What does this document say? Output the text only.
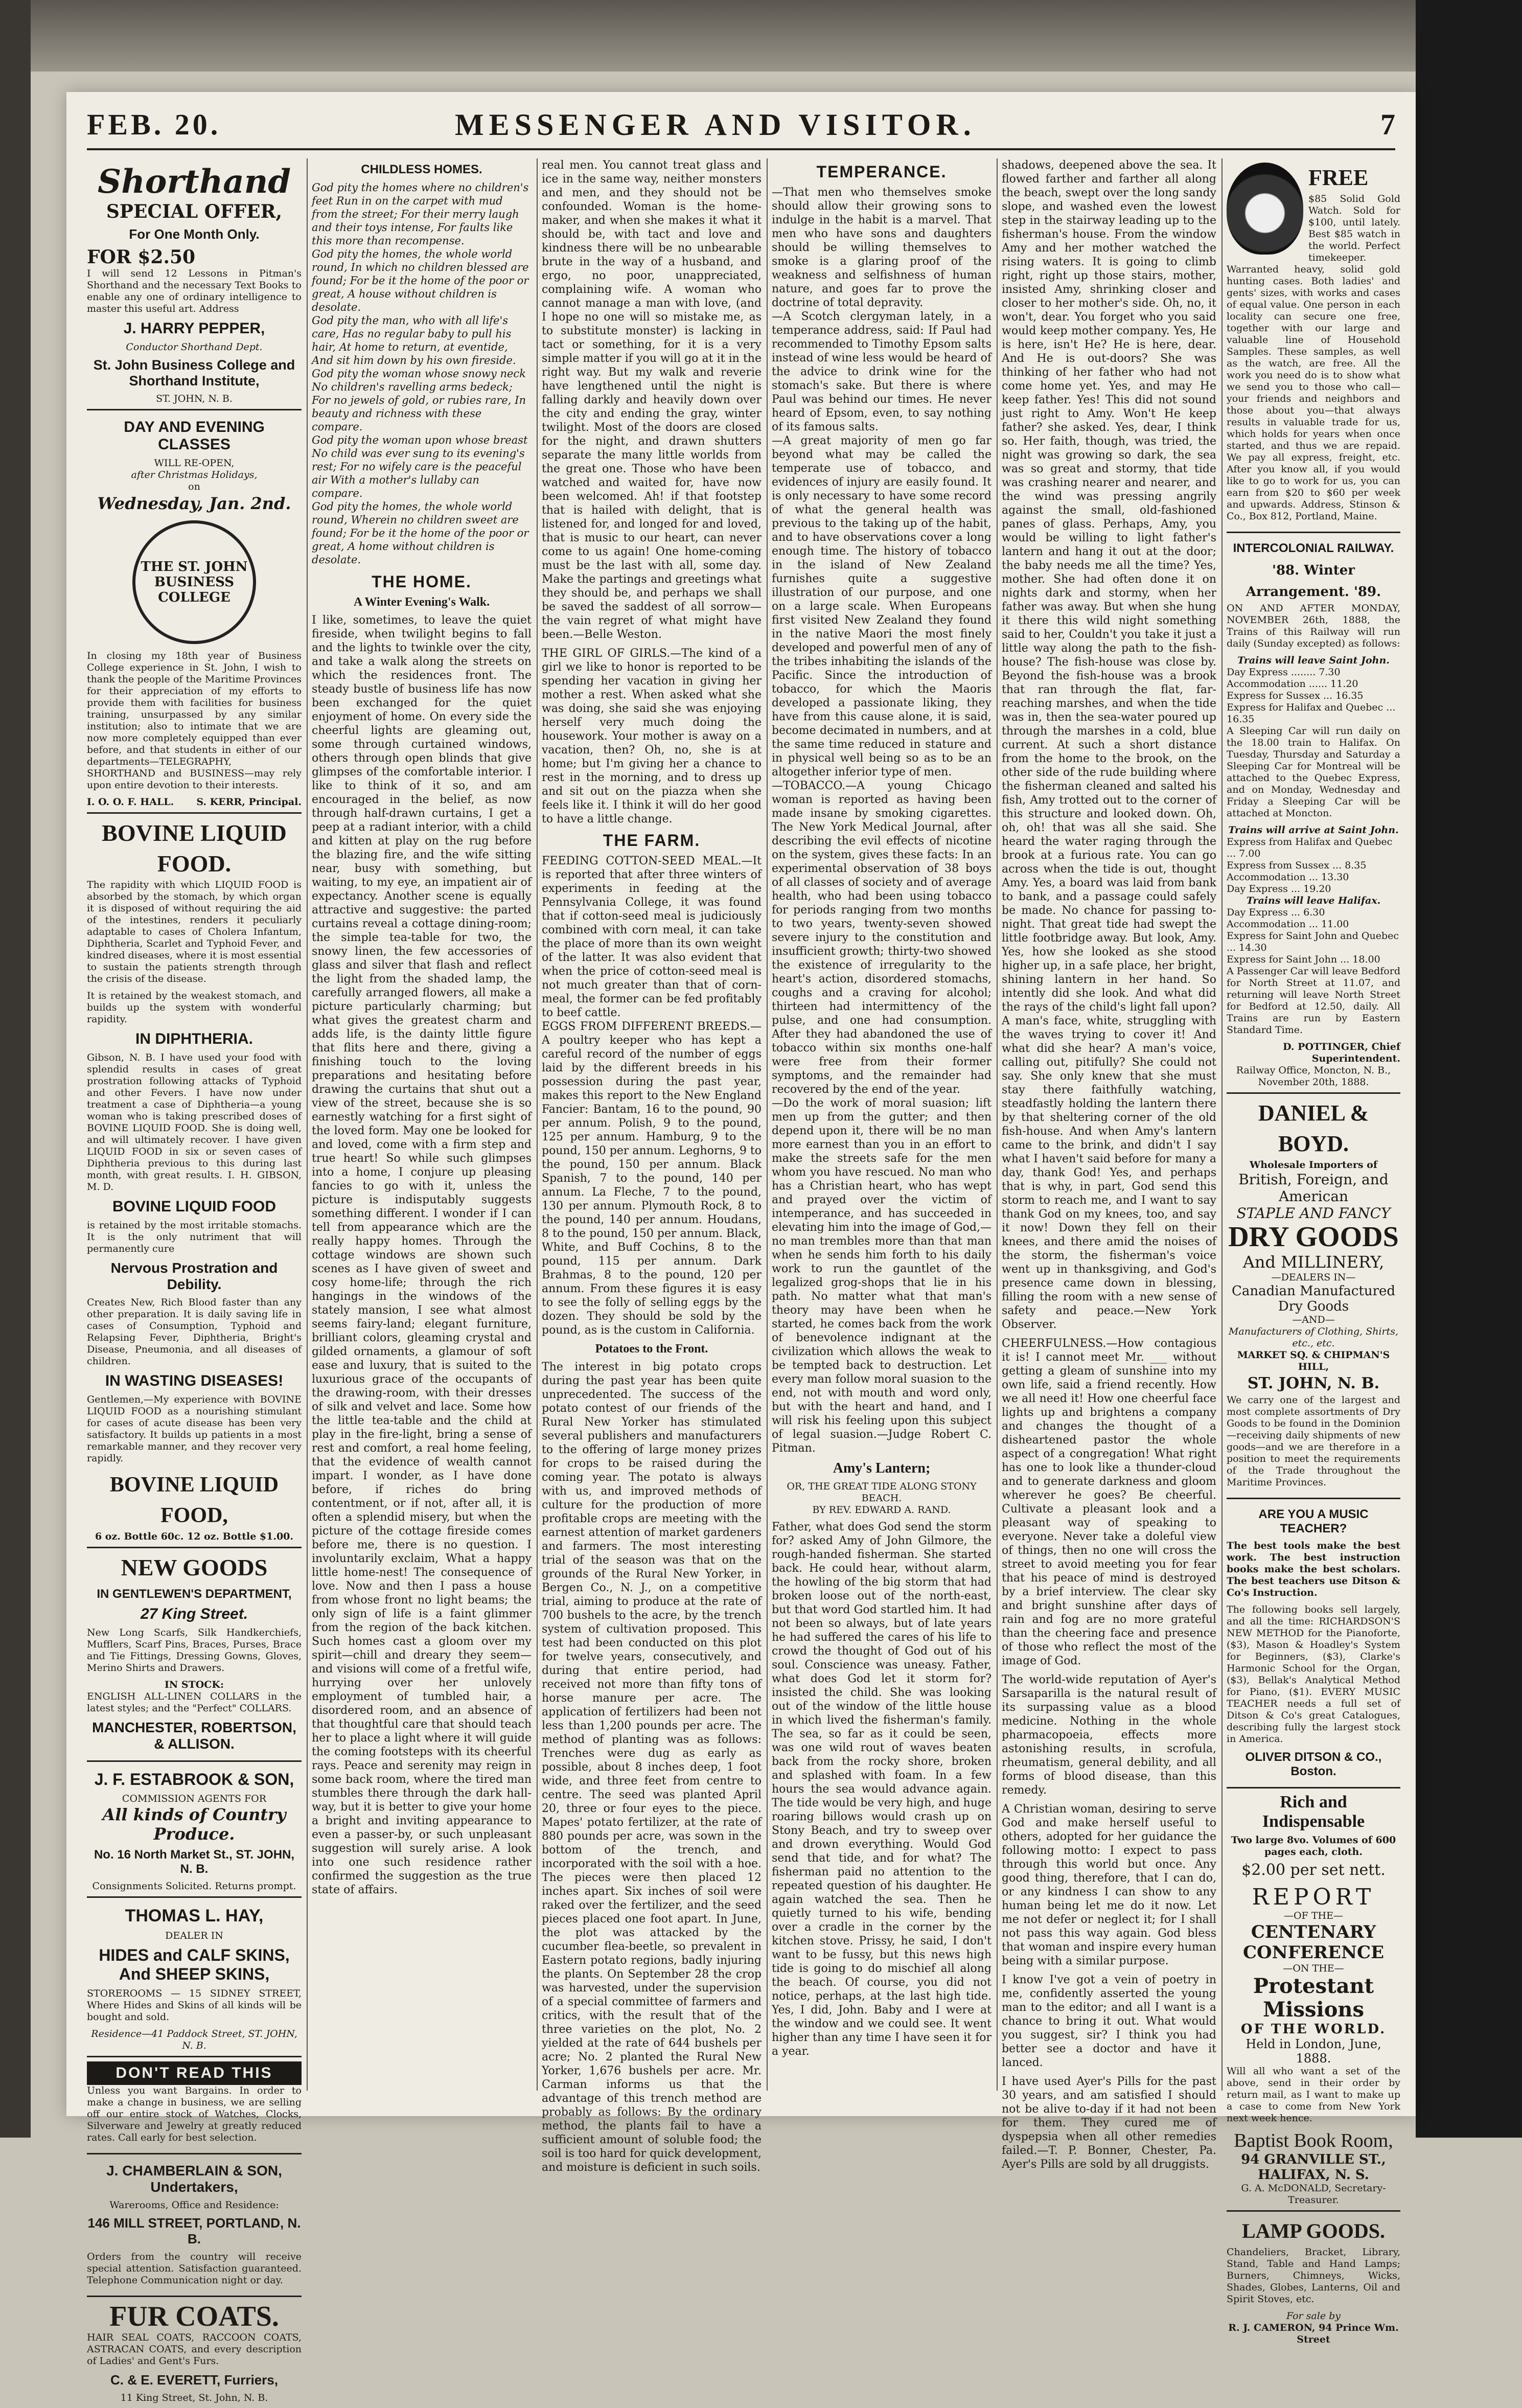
FEB. 20.	MESSENGER AND VISITOR.	7
Shorthand
SPECIAL OFFER,
For One Month Only.
FOR $2.50

I will send 12 Lessons in Pitman's Shorthand and the necessary Text Books to enable any one of ordinary intelligence to master this useful art. Address

J. HARRY PEPPER,
Conductor Shorthand Dept.
St. John Business College and Shorthand Institute,
ST. JOHN, N. B.
DAY AND EVENING CLASSES
WILL RE-OPEN,
after Christmas Holidays,
on
Wednesday, Jan. 2nd.
THE ST. JOHN BUSINESS COLLEGE

In closing my 18th year of Business College experience in St. John, I wish to thank the people of the Maritime Provinces for their appreciation of my efforts to provide them with facilities for business training, unsurpassed by any similar institution; also to intimate that we are now more completely equipped than ever before, and that students in either of our departments—TELEGRAPHY, SHORTHAND and BUSINESS—may rely upon entire devotion to their interests.

I. O. O. F. HALL. S. KERR, Principal.
BOVINE LIQUID FOOD.

The rapidity with which LIQUID FOOD is absorbed by the stomach, by which organ it is disposed of without requiring the aid of the intestines, renders it peculiarly adaptable to cases of Cholera Infantum, Diphtheria, Scarlet and Typhoid Fever, and kindred diseases, where it is most essential to sustain the patients strength through the crisis of the disease.

It is retained by the weakest stomach, and builds up the system with wonderful rapidity.

IN DIPHTHERIA.

Gibson, N. B. I have used your food with splendid results in cases of great prostration following attacks of Typhoid and other Fevers. I have now under treatment a case of Diphtheria—a young woman who is taking prescribed doses of BOVINE LIQUID FOOD. She is doing well, and will ultimately recover. I have given LIQUID FOOD in six or seven cases of Diphtheria previous to this during last month, with great results. I. H. GIBSON, M. D.

BOVINE LIQUID FOOD

is retained by the most irritable stomachs. It is the only nutriment that will permanently cure

Nervous Prostration and Debility.

Creates New, Rich Blood faster than any other preparation. It is daily saving life in cases of Consumption, Typhoid and Relapsing Fever, Diphtheria, Bright's Disease, Pneumonia, and all diseases of children.

IN WASTING DISEASES!

Gentlemen,—My experience with BOVINE LIQUID FOOD as a nourishing stimulant for cases of acute disease has been very satisfactory. It builds up patients in a most remarkable manner, and they recover very rapidly.

BOVINE LIQUID FOOD,
6 oz. Bottle 60c. 12 oz. Bottle $1.00.
NEW GOODS
IN GENTLEWEN'S DEPARTMENT,
27 King Street.

New Long Scarfs, Silk Handkerchiefs, Mufflers, Scarf Pins, Braces, Purses, Brace and Tie Fittings, Dressing Gowns, Gloves, Merino Shirts and Drawers.

IN STOCK:

ENGLISH ALL-LINEN COLLARS in the latest styles; and the "Perfect" COLLARS.

MANCHESTER, ROBERTSON, & ALLISON.
J. F. ESTABROOK & SON,
COMMISSION AGENTS FOR
All kinds of Country Produce.
No. 16 North Market St., ST. JOHN, N. B.
Consignments Solicited. Returns prompt.
THOMAS L. HAY,
DEALER IN
HIDES and CALF SKINS, And SHEEP SKINS,

STOREROOMS — 15 SIDNEY STREET, Where Hides and Skins of all kinds will be bought and sold.

Residence—41 Paddock Street, ST. JOHN, N. B.
DON'T READ THIS

Unless you want Bargains. In order to make a change in business, we are selling off our entire stock of Watches, Clocks, Silverware and Jewelry at greatly reduced rates. Call early for best selection.

J. CHAMBERLAIN & SON, Undertakers,
Warerooms, Office and Residence:
146 MILL STREET, PORTLAND, N. B.

Orders from the country will receive special attention. Satisfaction guaranteed. Telephone Communication night or day.

FUR COATS.

HAIR SEAL COATS, RACCOON COATS, ASTRACAN COATS, and every description of Ladies' and Gent's Furs.

C. & E. EVERETT, Furriers,
11 King Street, St. John, N. B.
CHILDLESS HOMES.

God pity the homes where no children's feet Run in on the carpet with mud from the street; For their merry laugh and their toys intense, For faults like this more than recompense.
God pity the homes, the whole world round, In which no children blessed are found; For be it the home of the poor or great, A house without children is desolate.
God pity the man, who with all life's care, Has no regular baby to pull his hair, At home to return, at eventide, And sit him down by his own fireside.
God pity the woman whose snowy neck No children's ravelling arms bedeck; For no jewels of gold, or rubies rare, In beauty and richness with these compare.
God pity the woman upon whose breast No child was ever sung to its evening's rest; For no wifely care is the peaceful air With a mother's lullaby can compare.
God pity the homes, the whole world round, Wherein no children sweet are found; For be it the home of the poor or great, A home without children is desolate.

THE HOME.
A Winter Evening's Walk.

I like, sometimes, to leave the quiet fireside, when twilight begins to fall and the lights to twinkle over the city, and take a walk along the streets on which the residences front. The steady bustle of business life has now been exchanged for the quiet enjoyment of home. On every side the cheerful lights are gleaming out, some through curtained windows, others through open blinds that give glimpses of the comfortable interior. I like to think of it so, and am encouraged in the belief, as now through half-drawn curtains, I get a peep at a radiant interior, with a child and kitten at play on the rug before the blazing fire, and the wife sitting near, busy with something, but waiting, to my eye, an impatient air of expectancy. Another scene is equally attractive and suggestive: the parted curtains reveal a cottage dining-room; the simple tea-table for two, the snowy linen, the few accessories of glass and silver that flash and reflect the light from the shaded lamp, the carefully arranged flowers, all make a picture particularly charming; but what gives the greatest charm and adds life, is the dainty little figure that flits here and there, giving a finishing touch to the loving preparations and hesitating before drawing the curtains that shut out a view of the street, because she is so earnestly watching for a first sight of the loved form. May one be looked for and loved, come with a firm step and true heart! So while such glimpses into a home, I conjure up pleasing fancies to go with it, unless the picture is indisputably suggests something different. I wonder if I can tell from appearance which are the really happy homes. Through the cottage windows are shown such scenes as I have given of sweet and cosy home-life; through the rich hangings in the windows of the stately mansion, I see what almost seems fairy-land; elegant furniture, brilliant colors, gleaming crystal and gilded ornaments, a glamour of soft ease and luxury, that is suited to the luxurious grace of the occupants of the drawing-room, with their dresses of silk and velvet and lace. Some how the little tea-table and the child at play in the fire-light, bring a sense of rest and comfort, a real home feeling, that the evidence of wealth cannot impart. I wonder, as I have done before, if riches do bring contentment, or if not, after all, it is often a splendid misery, but when the picture of the cottage fireside comes before me, there is no question. I involuntarily exclaim, What a happy little home-nest! The consequence of love. Now and then I pass a house from whose front no light beams; the only sign of life is a faint glimmer from the region of the back kitchen. Such homes cast a gloom over my spirit—chill and dreary they seem—and visions will come of a fretful wife, hurrying over her unlovely employment of tumbled hair, a disordered room, and an absence of that thoughtful care that should teach her to place a light where it will guide the coming footsteps with its cheerful rays. Peace and serenity may reign in some back room, where the tired man stumbles there through the dark hall-way, but it is better to give your home a bright and inviting appearance to even a passer-by, or such unpleasant suggestion will surely arise. A look into one such residence rather confirmed the suggestion as the true state of affairs.

real men. You cannot treat glass and ice in the same way, neither monsters and men, and they should not be confounded. Woman is the home-maker, and when she makes it what it should be, with tact and love and kindness there will be no unbearable brute in the way of a husband, and ergo, no poor, unappreciated, complaining wife. A woman who cannot manage a man with love, (and I hope no one will so mistake me, as to substitute monster) is lacking in tact or something, for it is a very simple matter if you will go at it in the right way. But my walk and reverie have lengthened until the night is falling darkly and heavily down over the city and ending the gray, winter twilight. Most of the doors are closed for the night, and drawn shutters separate the many little worlds from the great one. Those who have been watched and waited for, have now been welcomed. Ah! if that footstep that is hailed with delight, that is listened for, and longed for and loved, that is music to our heart, can never come to us again! One home-coming must be the last with all, some day. Make the partings and greetings what they should be, and perhaps we shall be saved the saddest of all sorrow—the vain regret of what might have been.—Belle Weston.

THE GIRL OF GIRLS.—The kind of a girl we like to honor is reported to be spending her vacation in giving her mother a rest. When asked what she was doing, she said she was enjoying herself very much doing the housework. Your mother is away on a vacation, then? Oh, no, she is at home; but I'm giving her a chance to rest in the morning, and to dress up and sit out on the piazza when she feels like it. I think it will do her good to have a little change.

THE FARM.

FEEDING COTTON-SEED MEAL.—It is reported that after three winters of experiments in feeding at the Pennsylvania College, it was found that if cotton-seed meal is judiciously combined with corn meal, it can take the place of more than its own weight of the latter. It was also evident that when the price of cotton-seed meal is not much greater than that of corn-meal, the former can be fed profitably to beef cattle.
EGGS FROM DIFFERENT BREEDS.—A poultry keeper who has kept a careful record of the number of eggs laid by the different breeds in his possession during the past year, makes this report to the New England Fancier: Bantam, 16 to the pound, 90 per annum. Polish, 9 to the pound, 125 per annum. Hamburg, 9 to the pound, 150 per annum. Leghorns, 9 to the pound, 150 per annum. Black Spanish, 7 to the pound, 140 per annum. La Fleche, 7 to the pound, 130 per annum. Plymouth Rock, 8 to the pound, 140 per annum. Houdans, 8 to the pound, 150 per annum. Black, White, and Buff Cochins, 8 to the pound, 115 per annum. Dark Brahmas, 8 to the pound, 120 per annum. From these figures it is easy to see the folly of selling eggs by the dozen. They should be sold by the pound, as is the custom in California.

Potatoes to the Front.

The interest in big potato crops during the past year has been quite unprecedented. The success of the potato contest of our friends of the Rural New Yorker has stimulated several publishers and manufacturers to the offering of large money prizes for crops to be raised during the coming year. The potato is always with us, and improved methods of culture for the production of more profitable crops are meeting with the earnest attention of market gardeners and farmers. The most interesting trial of the season was that on the grounds of the Rural New Yorker, in Bergen Co., N. J., on a competitive trial, aiming to produce at the rate of 700 bushels to the acre, by the trench system of cultivation proposed. This test had been conducted on this plot for twelve years, consecutively, and during that entire period, had received not more than fifty tons of horse manure per acre. The application of fertilizers had been not less than 1,200 pounds per acre. The method of planting was as follows: Trenches were dug as early as possible, about 8 inches deep, 1 foot wide, and three feet from centre to centre. The seed was planted April 20, three or four eyes to the piece. Mapes' potato fertilizer, at the rate of 880 pounds per acre, was sown in the bottom of the trench, and incorporated with the soil with a hoe. The pieces were then placed 12 inches apart. Six inches of soil were raked over the fertilizer, and the seed pieces placed one foot apart. In June, the plot was attacked by the cucumber flea-beetle, so prevalent in Eastern potato regions, badly injuring the plants. On September 28 the crop was harvested, under the supervision of a special committee of farmers and critics, with the result that of the three varieties on the plot, No. 2 yielded at the rate of 644 bushels per acre; No. 2 planted the Rural New Yorker, 1,676 bushels per acre. Mr. Carman informs us that the advantage of this trench method are probably as follows: By the ordinary method, the plants fail to have a sufficient amount of soluble food; the soil is too hard for quick development, and moisture is deficient in such soils.

TEMPERANCE.

—That men who themselves smoke should allow their growing sons to indulge in the habit is a marvel. That men who have sons and daughters should be willing themselves to smoke is a glaring proof of the weakness and selfishness of human nature, and goes far to prove the doctrine of total depravity.
—A Scotch clergyman lately, in a temperance address, said: If Paul had recommended to Timothy Epsom salts instead of wine less would be heard of the advice to drink wine for the stomach's sake. But there is where Paul was behind our times. He never heard of Epsom, even, to say nothing of its famous salts.
—A great majority of men go far beyond what may be called the temperate use of tobacco, and evidences of injury are easily found. It is only necessary to have some record of what the general health was previous to the taking up of the habit, and to have observations cover a long enough time. The history of tobacco in the island of New Zealand furnishes quite a suggestive illustration of our purpose, and one on a large scale. When Europeans first visited New Zealand they found in the native Maori the most finely developed and powerful men of any of the tribes inhabiting the islands of the Pacific. Since the introduction of tobacco, for which the Maoris developed a passionate liking, they have from this cause alone, it is said, become decimated in numbers, and at the same time reduced in stature and in physical well being so as to be an altogether inferior type of men.
—TOBACCO.—A young Chicago woman is reported as having been made insane by smoking cigarettes. The New York Medical Journal, after describing the evil effects of nicotine on the system, gives these facts: In an experimental observation of 38 boys of all classes of society and of average health, who had been using tobacco for periods ranging from two months to two years, twenty-seven showed severe injury to the constitution and insufficient growth; thirty-two showed the existence of irregularity to the heart's action, disordered stomachs, coughs and a craving for alcohol; thirteen had intermittency of the pulse, and one had consumption. After they had abandoned the use of tobacco within six months one-half were free from their former symptoms, and the remainder had recovered by the end of the year.
—Do the work of moral suasion; lift men up from the gutter; and then depend upon it, there will be no man more earnest than you in an effort to make the streets safe for the men whom you have rescued. No man who has a Christian heart, who has wept and prayed over the victim of intemperance, and has succeeded in elevating him into the image of God,—no man trembles more than that man when he sends him forth to his daily work to run the gauntlet of the legalized grog-shops that lie in his path. No matter what that man's theory may have been when he started, he comes back from the work of benevolence indignant at the civilization which allows the weak to be tempted back to destruction. Let every man follow moral suasion to the end, not with mouth and word only, but with the heart and hand, and I will risk his feeling upon this subject of legal suasion.—Judge Robert C. Pitman.

Amy's Lantern;
OR, THE GREAT TIDE ALONG STONY BEACH.
BY REV. EDWARD A. RAND.

Father, what does God send the storm for? asked Amy of John Gilmore, the rough-handed fisherman. She started back. He could hear, without alarm, the howling of the big storm that had broken loose out of the north-east, but that word God startled him. It had not been so always, but of late years he had suffered the cares of his life to crowd the thought of God out of his soul. Conscience was uneasy. Father, what does God let it storm for? insisted the child. She was looking out of the window of the little house in which lived the fisherman's family. The sea, so far as it could be seen, was one wild rout of waves beaten back from the rocky shore, broken and splashed with foam. In a few hours the sea would advance again. The tide would be very high, and huge roaring billows would crash up on Stony Beach, and try to sweep over and drown everything. Would God send that tide, and for what? The fisherman paid no attention to the repeated question of his daughter. He again watched the sea. Then he quietly turned to his wife, bending over a cradle in the corner by the kitchen stove. Prissy, he said, I don't want to be fussy, but this news high tide is going to do mischief all along the beach. Of course, you did not notice, perhaps, at the last high tide. Yes, I did, John. Baby and I were at the window and we could see. It went higher than any time I have seen it for a year.

shadows, deepened above the sea. It flowed farther and farther all along the beach, swept over the long sandy slope, and washed even the lowest step in the stairway leading up to the fisherman's house. From the window Amy and her mother watched the rising waters. It is going to climb right, right up those stairs, mother, insisted Amy, shrinking closer and closer to her mother's side. Oh, no, it won't, dear. You forget who you said would keep mother company. Yes, He is here, isn't He? He is here, dear. And He is out-doors? She was thinking of her father who had not come home yet. Yes, and may He keep father. Yes! This did not sound just right to Amy. Won't He keep father? she asked. Yes, dear, I think so. Her faith, though, was tried, the night was growing so dark, the sea was so great and stormy, that tide was crashing nearer and nearer, and the wind was pressing angrily against the small, old-fashioned panes of glass. Perhaps, Amy, you would be willing to light father's lantern and hang it out at the door; the baby needs me all the time? Yes, mother. She had often done it on nights dark and stormy, when her father was away. But when she hung it there this wild night something said to her, Couldn't you take it just a little way along the path to the fish-house? The fish-house was close by. Beyond the fish-house was a brook that ran through the flat, far-reaching marshes, and when the tide was in, then the sea-water poured up through the marshes in a cold, blue current. At such a short distance from the home to the brook, on the other side of the rude building where the fisherman cleaned and salted his fish, Amy trotted out to the corner of this structure and looked down. Oh, oh, oh! that was all she said. She heard the water raging through the brook at a furious rate. You can go across when the tide is out, thought Amy. Yes, a board was laid from bank to bank, and a passage could safely be made. No chance for passing to-night. That great tide had swept the little footbridge away. But look, Amy. Yes, how she looked as she stood higher up, in a safe place, her bright, shining lantern in her hand. So intently did she look. And what did the rays of the child's light fall upon? A man's face, white, struggling with the waves trying to cover it! And what did she hear? A man's voice, calling out, pitifully? She could not say. She only knew that she must stay there faithfully watching, steadfastly holding the lantern there by that sheltering corner of the old fish-house. And when Amy's lantern came to the brink, and didn't I say what I haven't said before for many a day, thank God! Yes, and perhaps that is why, in part, God send this storm to reach me, and I want to say thank God on my knees, too, and say it now! Down they fell on their knees, and there amid the noises of the storm, the fisherman's voice went up in thanksgiving, and God's presence came down in blessing, filling the room with a new sense of safety and peace.—New York Observer.

CHEERFULNESS.—How contagious it is! I cannot meet Mr. ___ without getting a gleam of sunshine into my own life, said a friend recently. How we all need it! How one cheerful face lights up and brightens a company and changes the thought of a disheartened pastor the whole aspect of a congregation! What right has one to look like a thunder-cloud and to generate darkness and gloom wherever he goes? Be cheerful. Cultivate a pleasant look and a pleasant way of speaking to everyone. Never take a doleful view of things, then no one will cross the street to avoid meeting you for fear that his peace of mind is destroyed by a brief interview. The clear sky and bright sunshine after days of rain and fog are no more grateful than the cheering face and presence of those who reflect the most of the image of God.

The world-wide reputation of Ayer's Sarsaparilla is the natural result of its surpassing value as a blood medicine. Nothing in the whole pharmacopoeia, effects more astonishing results, in scrofula, rheumatism, general debility, and all forms of blood disease, than this remedy.

A Christian woman, desiring to serve God and make herself useful to others, adopted for her guidance the following motto: I expect to pass through this world but once. Any good thing, therefore, that I can do, or any kindness I can show to any human being let me do it now. Let me not defer or neglect it; for I shall not pass this way again. God bless that woman and inspire every human being with a similar purpose.

I know I've got a vein of poetry in me, confidently asserted the young man to the editor; and all I want is a chance to bring it out. What would you suggest, sir? I think you had better see a doctor and have it lanced.

I have used Ayer's Pills for the past 30 years, and am satisfied I should not be alive to-day if it had not been for them. They cured me of dyspepsia when all other remedies failed.—T. P. Bonner, Chester, Pa. Ayer's Pills are sold by all druggists.

FREE

$85 Solid Gold Watch. Sold for $100, until lately. Best $85 watch in the world. Perfect timekeeper. Warranted heavy, solid gold hunting cases. Both ladies' and gents' sizes, with works and cases of equal value. One person in each locality can secure one free, together with our large and valuable line of Household Samples. These samples, as well as the watch, are free. All the work you need do is to show what we send you to those who call—your friends and neighbors and those about you—that always results in valuable trade for us, which holds for years when once started, and thus we are repaid. We pay all express, freight, etc. After you know all, if you would like to go to work for us, you can earn from $20 to $60 per week and upwards. Address, Stinson & Co., Box 812, Portland, Maine.

INTERCOLONIAL RAILWAY.
'88. Winter Arrangement. '89.

ON AND AFTER MONDAY, NOVEMBER 26th, 1888, the Trains of this Railway will run daily (Sunday excepted) as follows:

Trains will leave Saint John.
Day Express ........ 7.30
Accommodation ...... 11.20
Express for Sussex ... 16.35
Express for Halifax and Quebec ... 16.35

A Sleeping Car will run daily on the 18.00 train to Halifax. On Tuesday, Thursday and Saturday a Sleeping Car for Montreal will be attached to the Quebec Express, and on Monday, Wednesday and Friday a Sleeping Car will be attached at Moncton.

Trains will arrive at Saint John.
Express from Halifax and Quebec ... 7.00
Express from Sussex ... 8.35
Accommodation ... 13.30
Day Express ... 19.20
Trains will leave Halifax.
Day Express ... 6.30
Accommodation ... 11.00
Express for Saint John and Quebec ... 14.30
Express for Saint John ... 18.00

A Passenger Car will leave Bedford for North Street at 11.07, and returning will leave North Street for Bedford at 12.50, daily. All Trains are run by Eastern Standard Time.

D. POTTINGER, Chief Superintendent.
Railway Office, Moncton, N. B., November 20th, 1888.
DANIEL & BOYD.
Wholesale Importers of
British, Foreign, and American
STAPLE AND FANCY
DRY GOODS
And MILLINERY,
—DEALERS IN—
Canadian Manufactured Dry Goods
—AND—
Manufacturers of Clothing, Shirts, etc., etc.
MARKET SQ. & CHIPMAN'S HILL,
ST. JOHN, N. B.

We carry one of the largest and most complete assortments of Dry Goods to be found in the Dominion—receiving daily shipments of new goods—and we are therefore in a position to meet the requirements of the Trade throughout the Maritime Provinces.

ARE YOU A MUSIC TEACHER?

The best tools make the best work. The best instruction books make the best scholars. The best teachers use Ditson & Co's Instruction.

The following books sell largely, and all the time: RICHARDSON'S NEW METHOD for the Pianoforte, ($3), Mason & Hoadley's System for Beginners, ($3), Clarke's Harmonic School for the Organ, ($3), Bellak's Analytical Method for Piano, ($1). EVERY MUSIC TEACHER needs a full set of Ditson & Co's great Catalogues, describing fully the largest stock in America.

OLIVER DITSON & CO., Boston.
Rich and Indispensable
Two large 8vo. Volumes of 600 pages each, cloth.
$2.00 per set nett.
REPORT
—OF THE—
CENTENARY CONFERENCE
—ON THE—
Protestant Missions
OF THE WORLD.
Held in London, June, 1888.

Will all who want a set of the above, send in their order by return mail, as I want to make up a case to come from New York next week hence.

Baptist Book Room,
94 GRANVILLE ST.,
HALIFAX, N. S.
G. A. McDONALD, Secretary-Treasurer.
LAMP GOODS.

Chandeliers, Bracket, Library, Stand, Table and Hand Lamps; Burners, Chimneys, Wicks, Shades, Globes, Lanterns, Oil and Spirit Stoves, etc.

For sale by
R. J. CAMERON, 94 Prince Wm. Street
